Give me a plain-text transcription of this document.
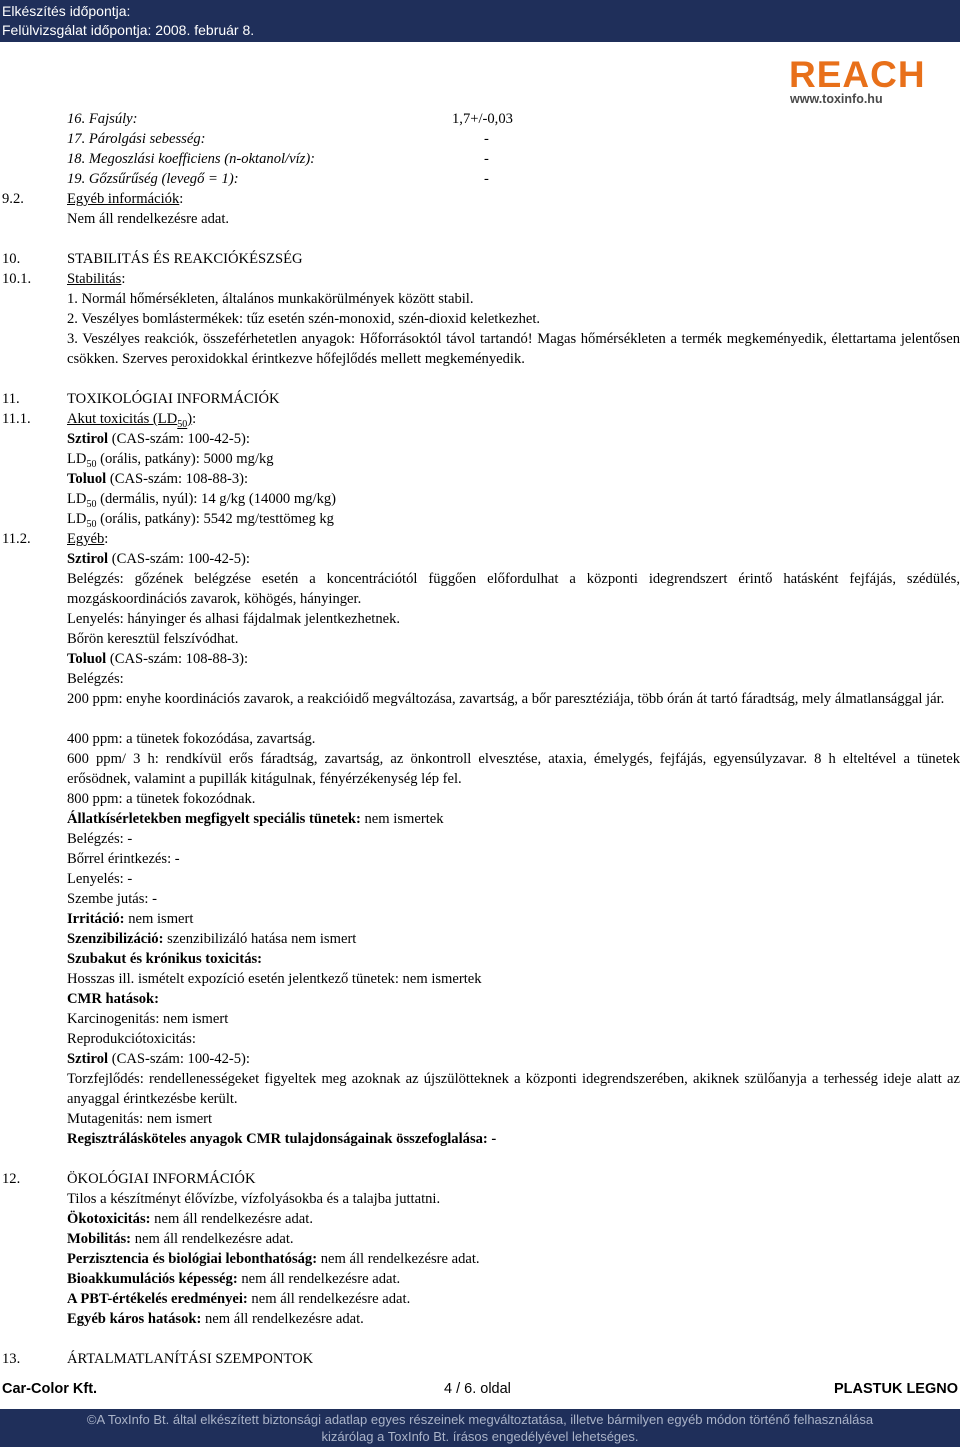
Elkészítés időpontja:
Felülvizsgálat időpontja: 2008. február 8.
REACH
www.toxinfo.hu
16. Fajsúly:	1,7+/-0,03
17. Párolgási sebesség:	-
18. Megoszlási koefficiens (n-oktanol/víz):	-
19. Gőzsűrűség (levegő = 1):	-
9.2.	Egyéb információk:
Nem áll rendelkezésre adat.
10.	STABILITÁS ÉS REAKCIÓKÉSZSÉG
10.1. Stabilitás:
1. Normál hőmérsékleten, általános munkakörülmények között stabil.
2. Veszélyes bomlástermékek: tűz esetén szén-monoxid, szén-dioxid keletkezhet.
3. Veszélyes reakciók, összeférhetetlen anyagok: Hőforrásoktól távol tartandó! Magas hőmérsékleten a termék megkeményedik, élettartama jelentősen csökken. Szerves peroxidokkal érintkezve hőfejlődés mellett megkeményedik.
11.	TOXIKOLÓGIAI INFORMÁCIÓK
11.1. Akut toxicitás $(LD_{50})$:
Sztirol (CAS-szám: 100-42-5):
$LD_{50}$ (orális, patkány): 5000 mg/kg
Toluol (CAS-szám: 108-88-3):
$LD_{50}$ (dermális, nyúl): 14 g/kg (14000 mg/kg)
$LD_{50}$ (orális, patkány): 5542 mg/testtömeg kg
11.2. Egyéb:
Sztirol (CAS-szám: 100-42-5):
Belégzés: gőzének belégzése esetén a koncentrációtól függően előfordulhat a központi idegrendszert érintő hatásként fejfájás, szédülés, mozgáskoordinációs zavarok, köhögés, hányinger.
Lenyelés: hányinger és alhasi fájdalmak jelentkezhetnek.
Bőrön keresztül felszívódhat.
Toluol (CAS-szám: 108-88-3):
Belégzés:
200 ppm: enyhe koordinációs zavarok, a reakcióidő megváltozása, zavartság, a bőr paresztéziája, több órán át tartó fáradtság, mely álmatlansággal jár.
400 ppm: a tünetek fokozódása, zavartság.
600 ppm/ 3 h: rendkívül erős fáradtság, zavartság, az önkontroll elvesztése, ataxia, émelygés, fejfájás, egyensúlyzavar. 8 h elteltével a tünetek erősödnek, valamint a pupillák kitágulnak, fényérzékenység lép fel.
800 ppm: a tünetek fokozódnak.
Állatkísérletekben megfigyelt speciális tünetek: nem ismertek
Belégzés: -
Bőrrel érintkezés: -
Lenyelés: -
Szembe jutás: -
Irritáció: nem ismert
Szenzibilizáció: szenzibilizáló hatása nem ismert
Szubakut és krónikus toxicitás:
Hosszas ill. ismételt expozíció esetén jelentkező tünetek: nem ismertek
CMR hatások:
Karcinogenitás: nem ismert
Reprodukciótoxicitás:
Sztirol (CAS-szám: 100-42-5):
Torzfejlődés: rendellenességeket figyeltek meg azoknak az újszülötteknek a központi idegrendszerében, akiknek szülőanyja a terhesség ideje alatt az anyaggal érintkezésbe került.
Mutagenitás: nem ismert
Regisztrálásköteles anyagok CMR tulajdonságainak összefoglalása: -
12.	ÖKOLÓGIAI INFORMÁCIÓK
Tilos a készítményt élővízbe, vízfolyásokba és a talajba juttatni.
Ökotoxicitás: nem áll rendelkezésre adat.
Mobilitás: nem áll rendelkezésre adat.
Perzisztencia és biológiai lebonthatóság: nem áll rendelkezésre adat.
Bioakkumulációs képesség: nem áll rendelkezésre adat.
A PBT-értékelés eredményei: nem áll rendelkezésre adat.
Egyéb káros hatások: nem áll rendelkezésre adat.
13.	ÁRTALMATLANÍTÁSI SZEMPONTOK
Car-Color Kft.	4 / 6. oldal	PLASTUK LEGNO
©A ToxInfo Bt. által elkészített biztonsági adatlap egyes részeinek megváltoztatása, illetve bármilyen egyéb módon történő felhasználása
kizárólag a ToxInfo Bt. írásos engedélyével lehetséges.
